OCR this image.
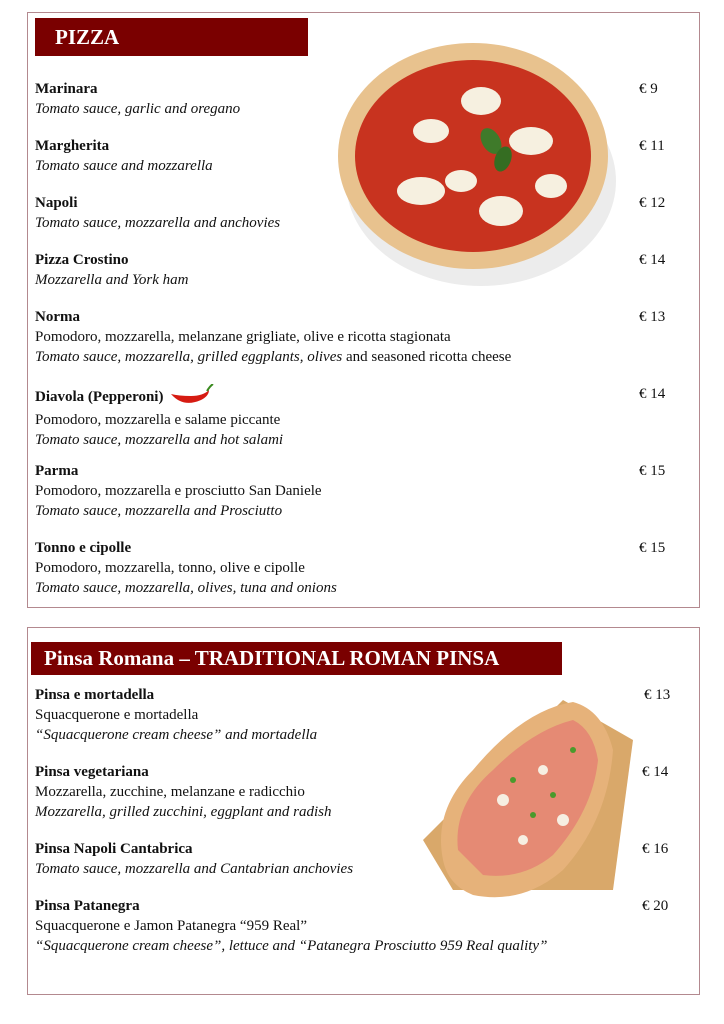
PIZZA
Marinara
Tomato sauce, garlic and oregano
€ 9
Margherita
Tomato sauce and mozzarella
€ 11
Napoli
Tomato sauce, mozzarella and anchovies
€ 12
Pizza Crostino
Mozzarella and York ham
€ 14
Norma
Pomodoro, mozzarella, melanzane grigliate, olive e ricotta stagionata
Tomato sauce, mozzarella, grilled eggplants, olives and seasoned ricotta cheese
€ 13
Diavola (Pepperoni)
Pomodoro, mozzarella e salame piccante
Tomato sauce, mozzarella and hot salami
€ 14
Parma
Pomodoro, mozzarella e prosciutto San Daniele
Tomato sauce, mozzarella and Prosciutto
€ 15
Tonno e cipolle
Pomodoro, mozzarella, tonno, olive e cipolle
Tomato sauce, mozzarella, olives, tuna and onions
€ 15
Pinsa Romana – TRADITIONAL ROMAN PINSA
Pinsa e mortadella
Squacquerone e mortadella
“Squacquerone cream cheese” and mortadella
€ 13
Pinsa vegetariana
Mozzarella, zucchine, melanzane e radicchio
Mozzarella, grilled zucchini, eggplant and radish
€ 14
Pinsa Napoli Cantabrica
Tomato sauce, mozzarella and Cantabrian anchovies
€ 16
Pinsa Patanegra
Squacquerone e Jamon Patanegra “959 Real”
“Squacquerone cream cheese”, lettuce and “Patanegra Prosciutto 959 Real quality”
€ 20
